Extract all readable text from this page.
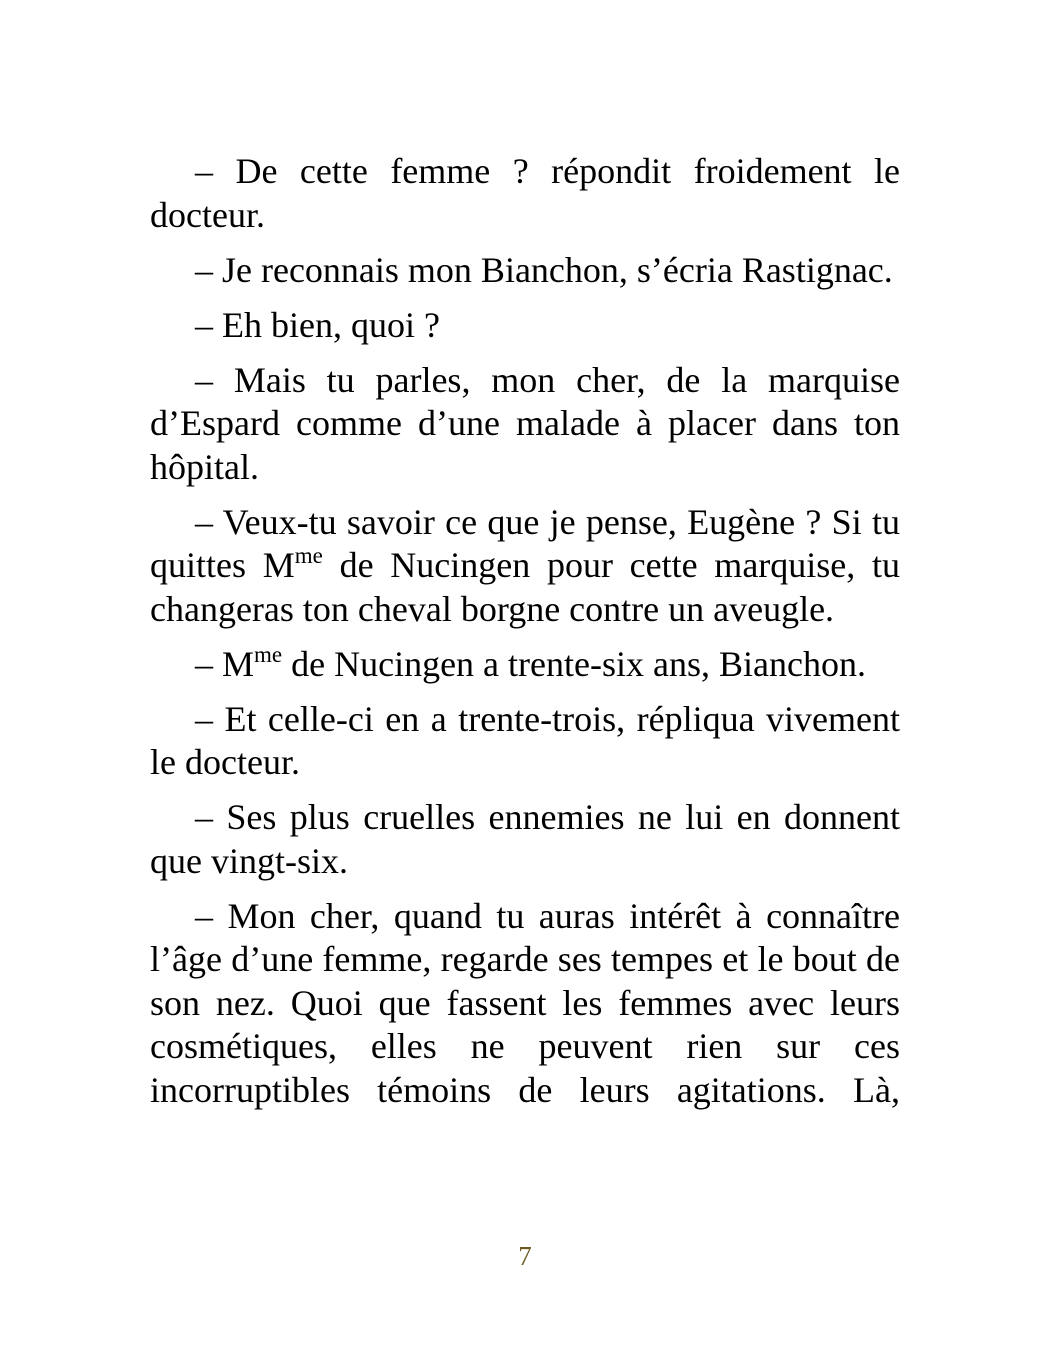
– De cette femme ? répondit froidement le docteur.

– Je reconnais mon Bianchon, s’écria Rastignac.

– Eh bien, quoi ?

– Mais tu parles, mon cher, de la marquise d’Espard comme d’une malade à placer dans ton hôpital.

– Veux-tu savoir ce que je pense, Eugène ? Si tu quittes $M^{me}$ de Nucingen pour cette marquise, tu changeras ton cheval borgne contre un aveugle.

– $M^{me}$ de Nucingen a trente-six ans, Bianchon.

– Et celle-ci en a trente-trois, répliqua vivement le docteur.

– Ses plus cruelles ennemies ne lui en donnent que vingt-six.

– Mon cher, quand tu auras intérêt à connaître l’âge d’une femme, regarde ses tempes et le bout de son nez. Quoi que fassent les femmes avec leurs cosmétiques, elles ne peuvent rien sur ces incorruptibles témoins de leurs agitations. Là,

7
